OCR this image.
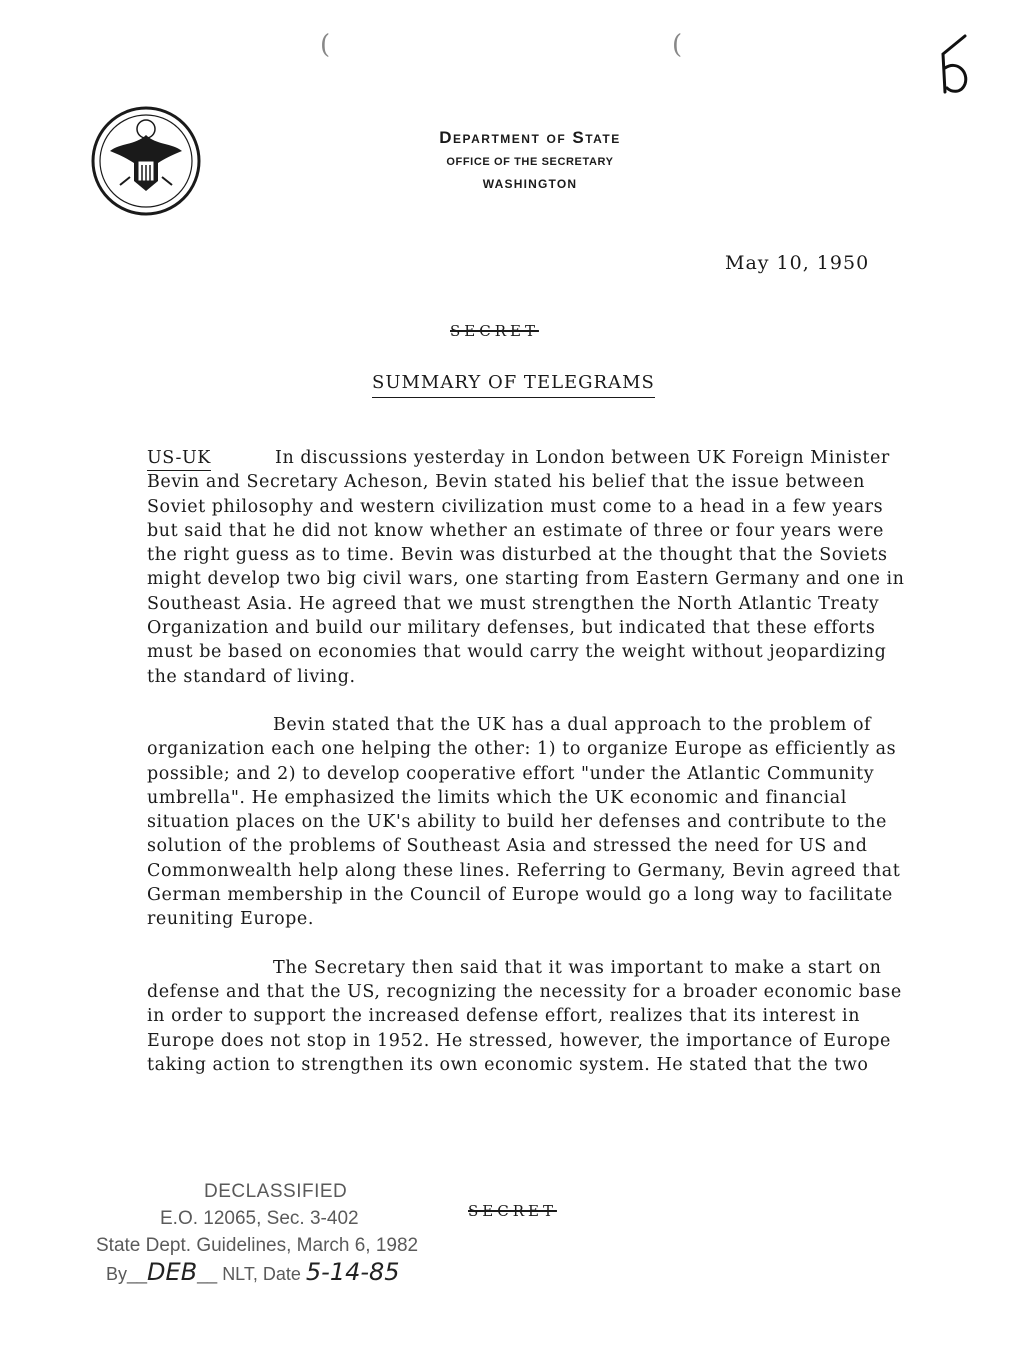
Department of State
OFFICE OF THE SECRETARY
WASHINGTON
(	(
May 10, 1950
SECRET
SUMMARY OF TELEGRAMS

US-UK	In discussions yesterday in London between UK Foreign Minister Bevin and Secretary Acheson, Bevin stated his belief that the issue between Soviet philosophy and western civilization must come to a head in a few years but said that he did not know whether an estimate of three or four years were the right guess as to time. Bevin was disturbed at the thought that the Soviets might develop two big civil wars, one starting from Eastern Germany and one in Southeast Asia. He agreed that we must strengthen the North Atlantic Treaty Organization and build our military defenses, but indicated that these efforts must be based on economies that would carry the weight without jeopardizing the standard of living.

Bevin stated that the UK has a dual approach to the problem of organization each one helping the other: 1) to organize Europe as efficiently as possible; and 2) to develop cooperative effort "under the Atlantic Community umbrella". He emphasized the limits which the UK economic and financial situation places on the UK's ability to build her defenses and contribute to the solution of the problems of Southeast Asia and stressed the need for US and Commonwealth help along these lines. Referring to Germany, Bevin agreed that German membership in the Council of Europe would go a long way to facilitate reuniting Europe.

The Secretary then said that it was important to make a start on defense and that the US, recognizing the necessity for a broader economic base in order to support the increased defense effort, realizes that its interest in Europe does not stop in 1952. He stressed, however, the importance of Europe taking action to strengthen its own economic system. He stated that the two

DECLASSIFIED
E.O. 12065, Sec. 3-402
State Dept. Guidelines, March 6, 1982
By__DEB__ NLT, Date 5-14-85
SECRET
